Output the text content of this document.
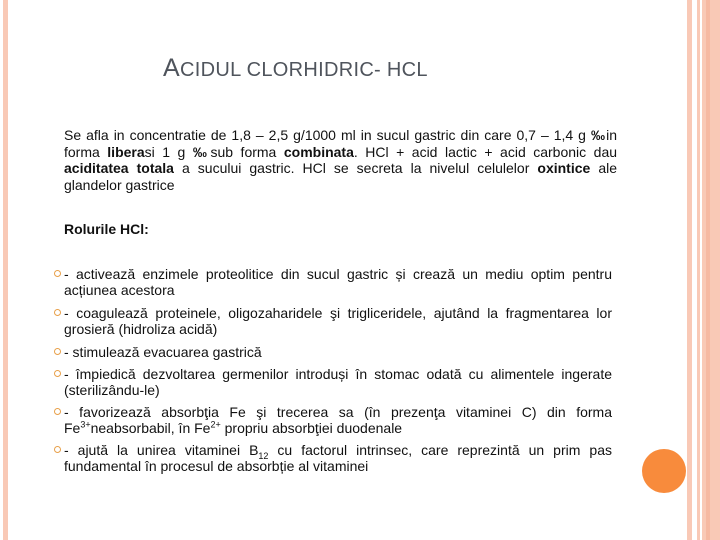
ACIDUL CLORHIDRIC- HCL
Se afla in concentratie de 1,8 – 2,5 g/1000 ml in sucul gastric din care 0,7 – 1,4 g ‰in forma liberasi 1 g ‰sub forma combinata. HCl + acid lactic + acid carbonic dau aciditatea totala a sucului gastric. HCl se secreta la nivelul celulelor oxintice ale glandelor gastrice
Rolurile HCl:
- activează enzimele proteolitice din sucul gastric și crează un mediu optim pentru acțiunea acestora
- coagulează proteinele, oligozaharidele şi trigliceridele, ajutând la fragmentarea lor grosieră (hidroliza acidă)
- stimulează evacuarea gastrică
- împiedică dezvoltarea germenilor introduși în stomac odată cu alimentele ingerate (sterilizându-le)
- favorizează absorbţia Fe şi trecerea sa (în prezenţa vitaminei C) din forma $Fe^{3+}neabsorbabil$, în $Fe^{2+}$ propriu absorbţiei duodenale
- ajută la unirea vitaminei $B_{12}$ cu factorul intrinsec, care reprezintă un prim pas fundamental în procesul de absorbție al vitaminei
